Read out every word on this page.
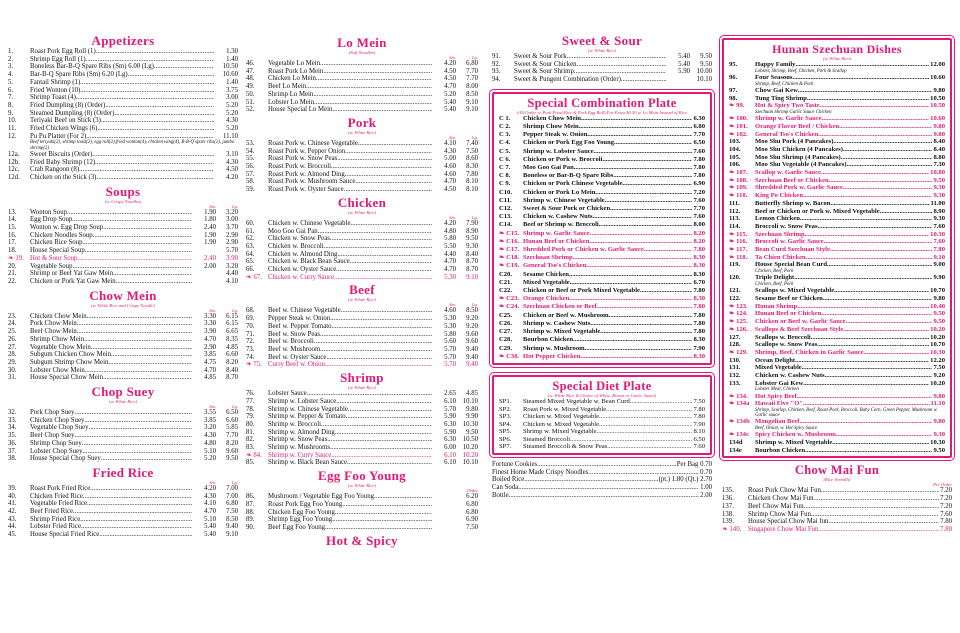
Appetizers
1.	Roast Pork Egg Roll (1) .....	1.30
2.	Shrimp Egg Roll (1) .....	1.40
3.	Boneless Bar-B-Q Spare Ribs (Sm) 6.00 (Lg) .....	10.50
4.	Bar-B-Q Spare Ribs (Sm) 6.20 (Lg) .....	10.60
5.	Fantail Shrimp (1) .....	1.40
6.	Fried Wonton (10) .....	3.75
7.	Shrimp Toast (4) .....	3.00
8.	Fried Dumpling (8) (Order) .....	5.20
9.	Steamed Dumpling (8) (Order) .....	5.20
10.	Teriyaki Beef on Stick (3) .....	4.30
11.	Fried Chicken Wings (6) .....	5.20
12.	Pu Pu Platter (For 2) .....	11.10
Beef teriyaki(2), shrimp toast(2), egg roll(2),fried wonton(4), chicken wing(4), B-B-Q spare ribs(2), jumbo shrimp(2)
12a.	Sweet Biscuits (Order) .....	3.10
12b.	Fried Baby Shrimp (12) .....	4.30
12c.	Crab Rangoon (8) .....	4.50
12d.	Chicken on the Stick (3) .....	4.20
Soups
(w. Crispy Noodles)
Sm.	Lg.
13.	Wonton Soup .....	1.90	3.20
14.	Egg Drop Soup .....	1.80	3.00
15.	Wonton w. Egg Drop Soup .....	2.40	3.70
16.	Chicken Noodles Soup .....	1.90	2.90
17.	Chicken Rice Soup .....	1.90	2.90
18.	House Special Soup .....	5.70
❧ 19. Hot & Sour Soup .....	2.40	3.90
20.	Vegetable Soup .....	2.00	3.20
21.	Shrimp or Beef Yat Gaw Mein .....	4.40
22.	Chicken or Pork Yat Gaw Mein .....	4.10
Chow Mein
(w. White Rice and Crispy Noodle)
Sm.	Lg.
23.	Chicken Chow Mein .....	3.30	6.15
24.	Pork Chow Mein .....	3.30	6.15
25.	Beef Chow Mein .....	3.90	6.65
26.	Shrimp Chow Mein .....	4.70	8.35
27.	Vegetable Chow Mein .....	2.90	4.85
28.	Subgum Chicken Chow Mein .....	3.85	6.60
29.	Subgum Shrimp Chow Mein .....	4.75	8.20
30.	Lobster Chow Mein .....	4.70	8.40
31.	House Special Chow Mein .....	4.85	8.70
Chop Suey
(w. White Rice)
Sm.	Lg.
32.	Pork Chop Suey .....	3.55	6.50
33.	Chicken Chop Suey .....	3.85	6.60
34.	Vegetable Chop Suey .....	3.20	5.85
35.	Beef Chop Suey .....	4.30	7.70
36.	Shrimp Chop Suey .....	4.80	8.20
37.	Lobster Chop Suey .....	5.10	9.60
38.	House Special Chop Suey .....	5.20	9.50
Fried Rice
Sm.	Lg.
39.	Roast Pork Fried Rice .....	4.20	7.00
40.	Chicken Fried Rice .....	4.30	7.00
41.	Vegetable Fried Rice .....	4.10	6.80
42.	Beef Fried Rice .....	4.70	7.50
43.	Shrimp Fried Rice .....	5.10	8.50
44.	Lobster Fried Rice .....	5.40	9.40
45.	House Special Fried Rice .....	5.40	9.10
Lo Mein
(Soft Noodles)
Sm.	Lg.
46.	Vegetable Lo Mein .....	4.20	6.80
47.	Roast Pork Lo Mein .....	4.50	7.70
48.	Chicken Lo Mein .....	4.50	7.70
49.	Beef Lo Mein .....	4.70	8.00
50.	Shrimp Lo Mein .....	5.20	8.50
51.	Lobster Lo Mein .....	5.40	9.10
52.	House Special Lo Mein .....	5.40	9.10
Pork
(w. White Rice)
Sm.	Lg.
53.	Roast Pork w. Chinese Vegetable .....	4.10	7.40
54.	Roast Pork w. Pepper Onion .....	4.30	7.50
55.	Roast Pork w. Snow Peas .....	5.00	8.60
56.	Roast Pork w. Broccoli .....	4.60	8.30
57.	Roast Pork w. Almond Ding .....	4.60	7.80
58.	Roast Pork w. Mushroom Sauce .....	4.70	8.10
59.	Roast Pork w. Oyster Sauce .....	4.50	8.10
Chicken
(w. White Rice)
Sm.	Lg.
60.	Chicken w. Chinese Vegetable .....	4.20	7.90
61.	Moo Goo Gai Pan .....	4.80	8.90
62.	Chicken w. Snow Peas .....	5.80	9.50
63.	Chicken w. Broccoli .....	5.50	9.30
64.	Chicken w. Almond Ding .....	4.40	8.40
65.	Chicken w. Black Bean Sauce .....	4.70	8.70
66.	Chicken w. Oyster Sauce .....	4.70	8.70
❧ 67. Chicken w. Curry Sauce .....	5.30	9.10
Beef
(w. White Rice)
Sm.	Lg.
68.	Beef w. Chinese Vegetable .....	4.60	8.50
69.	Pepper Steak w. Onion .....	5.30	9.20
70.	Beef w. Pepper Tomato .....	5.30	9.20
71.	Beef w. Snow Peas .....	5.80	9.60
72.	Beef w. Broccoli .....	5.60	9.60
73.	Beef w. Mushroom .....	5.70	9.40
74.	Beef w. Oyster Sauce .....	5.70	9.40
❧ 75. Curry Beef w. Onion .....	5.70	9.40
Shrimp
(w. White Rice)
76.	Lobster Sauce .....	2.65	4.85
77.	Shrimp w. Lobster Sauce .....	6.10 10.10
78.	Shrimp w. Chinese Vegetable .....	5.70	9.80
79.	Shrimp w. Pepper & Tomato .....	5.90	9.90
80.	Shrimp w. Broccoli .....	6.30 10.30
81.	Shrimp w. Almond Ding .....	5.90	9.50
82.	Shrimp w. Snow Peas .....	6.30 10.50
83.	Shrimp w. Mushrooms .....	6.00 10.20
❧ 84. Shrimp w. Curry Sauce .....	6.10 10.20
85.	Shrimp w. Black Bean Sauce .....	6.10 10.10
Egg Foo Young
(w. White Rice)
Order
86.	Mushroom / Vegetable Egg Foo Young .....	6.20
87.	Roast Pork Egg Foo Young .....	6.80
88.	Chicken Egg Foo Young .....	6.80
89.	Shrimp Egg Foo Young .....	6.90
90.	Beef Egg Foo Young .....	7.50
Hot & Spicy
Sweet & Sour
(w. White Rice)
91.	Sweet & Sour Pork .....	5.40	9.50
92.	Sweet & Sour Chicken .....	5.40	9.50
93.	Sweet & Sour Shrimp .....	5.90 10.00
94.	Sweet & Pungent Combination (Order) .....	10.10
Special Combination Plate
(All Order w. Pork Fried Rice & Pork Egg Roll) For Extra $0.50 w. Lo Mein Instead of Rice
C 1.	Chicken Chow Mein .....	6.30
C 2.	Shrimp Chow Mein .....	6.80
C 3.	Pepper Steak w. Onion .....	7.70
C 4.	Chicken or Pork Egg Foo Young .....	6.50
C 5.	Shrimp w. Lobster Sauce .....	7.60
C 6.	Chicken or Pork w. Broccoli .....	7.80
C 7.	Moo Goo Gai Pan .....	7.80
C 8.	Boneless or Bar-B-Q Spare Ribs .....	7.80
C 9.	Chicken or Pork Chinese Vegetable .....	6.90
C10.	Chicken or Pork Lo Mein .....	7.20
C11.	Shrimp w. Chinese Vegetable .....	7.60
C12.	Sweet & Sour Pork or Chicken .....	7.70
C13.	Chicken w. Cashew Nuts .....	7.60
C14.	Beef or Shrimp w. Broccoli .....	8.00
❧ C15. Shrimp w. Garlic Sauce .....	8.20
❧ C16. Hunan Beef or Chicken .....	8.20
❧ C17. Shredded Pork or Chicken w. Garlic Sauce .....	7.80
❧ C18. Szechuan Shrimp .....	8.30
❧ C19. General Tso's Chicken .....	8.30
C20.	Sesame Chicken .....	8.30
C21.	Mixed Vegetable .....	6.70
C22.	Chicken or Beef or Pork Mixed Vegetable .....	7.80
❧ C23. Orange Chicken .....	8.30
❧ C24. Szechuan Chicken or Beef .....	7.80
C25.	Chicken or Beef w. Mushroom .....	7.80
C26.	Shrimp w. Cashew Nuts .....	7.80
C27.	Shrimp w. Mixed Vegetable .....	7.80
C28.	Bourbon Chicken .....	8.30
C29.	Shrimp w. Mushroom .....	7.90
❧ C30. Hot Pepper Chicken .....	8.30
Special Diet Plate
(w. White Rice & Choice of White, Brown or Garlic Sauce)
SP1.	Steamed Mixed Vegetable w. Bean Curd .....	7.50
SP2.	Roast Pork w. Mixed Vegetable .....	7.80
SP3.	Chicken w. Mixed Vegetable .....	7.80
SP4.	Chicken w. Mixed Vegetable .....	7.90
SP5.	Shrimp w. Mixed Vegetable .....	8.10
SP6.	Steamed Broccoli .....	6.50
SP7.	Steamed Broccoli & Snow Peas .....	7.60
Fortune Cookies .....	Per Bag 0.70
Finest Home Made Crispy Noodles .....	0.70
Boiled Rice .....	(pt.) 1.80 (Qt.) 2.70
Can Soda .....	1.00
Bottle .....	2.00
Hunan Szechuan Dishes
(w. White Rice)
95.	Happy Family .....	12.00
Lobster, Shrimp, Beef, Chicken, Pork & Scallop
96.	Four Seasons .....	10.60
Shrimp, Beef, Chicken & Pork
97.	Chow Gai Kew .....	9.80
98.	Tung Ting Shrimp .....	10.50
❧ 99.	Hot & Spicy Two Taste .....	10.50
Szechuan Shrimp Garlic Sauce Chicken
❧ 100.	Shrimp w. Garlic Sauce .....	10.60
❧ 101.	Orange Flavor Beef / Chicken .....	9.80
❧ 102.	General Tso's Chicken .....	9.80
103.	Moo Shu Pork (4 Pancakes) .....	8.40
104.	Moo Shu Chicken (4 Pancakes) .....	8.40
105.	Moo Shu Shrimp (4 Pancakes) .....	8.80
106.	Moo Shu Vegetable (4 Pancakes) .....	7.30
❧ 107.	Scallop w. Garlic Sauce .....	10.80
❧ 108.	Szechuan Beef or Chicken .....	9.50
❧ 109.	Shredded Pork w. Garlic Sauce .....	9.30
❧ 110.	King Po Chicken .....	9.30
111.	Butterfly Shrimp w. Bacon .....	11.00
112.	Beef or Chicken or Pork w. Mixed Vegetable .....	8.90
113.	Lemon Chicken .....	9.30
114.	Broccoli w. Snow Peas .....	7.60
❧ 115.	Szechuan Shrimp .....	10.30
❧ 116.	Broccoli w. Garlic Sauce .....	7.60
❧ 117.	Bean Curd Szechuan Style .....	7.80
❧ 118.	Ta Chien Chicken .....	9.10
119.	House Special Bean Curd .....	9.00
Chicken, Beef, Pork
120.	Triple Delight .....	9.90
Chicken, Beef, Pork
121.	Scallops w. Mixed Vegetable .....	10.70
122.	Sesame Beef or Chicken .....	9.80
❧ 123.	Hunan Shrimp .....	10.40
❧ 124.	Hunan Beef or Chicken .....	9.50
❧ 125.	Chicken or Beef w. Garlic Sauce .....	9.50
❧ 126.	Scallops & Beef Szechuan Style .....	10.20
127.	Scallops w. Broccoli .....	10.20
128.	Scallops w. Snow Peas .....	10.70
❧ 129.	Shrimp, Beef, Chicken in Garlic Sauce .....	10.30
130.	Ocean Delight .....	12.20
131.	Mixed Vegetable .....	7.50
132.	Chicken w. Cashew Nuts .....	9.20
133.	Lobster Gai Kew .....	10.20
Lobster Meat, Chicken
❧ 134.	Hot Spicy Beef .....	9.80
❧ 134a Hawaii Five "O" .....	11.10
Shrimp, Scallop, Chicken, Beef, Roast Pork, Broccoli, Baby Corn, Green Pepper, Mushroom w. Garlic sauce
❧ 134b Mongolian Beef .....	9.80
Beef, Onion, w. Hot Spicy Sauce
❧ 134c Spicy Chicken w. Mushroom .....	9.30
134d	Shrimp w. Mixed Vegetable .....	10.30
134e	Bourbon Chicken .....	9.50
Chow Mai Fun
(Rice Vermilli)
Per Order
135.	Roast Pork Chow Mai Fun .....	7.20
136.	Chicken Chow Mai Fun .....	7.20
137.	Beef Chow Mai Fun .....	7.20
138.	Shrimp Chow Mai Fun .....	7.60
139.	House Special Chow Mai fun .....	7.80
❧ 140. Singapore Chow Mai Fun .....	7.80
